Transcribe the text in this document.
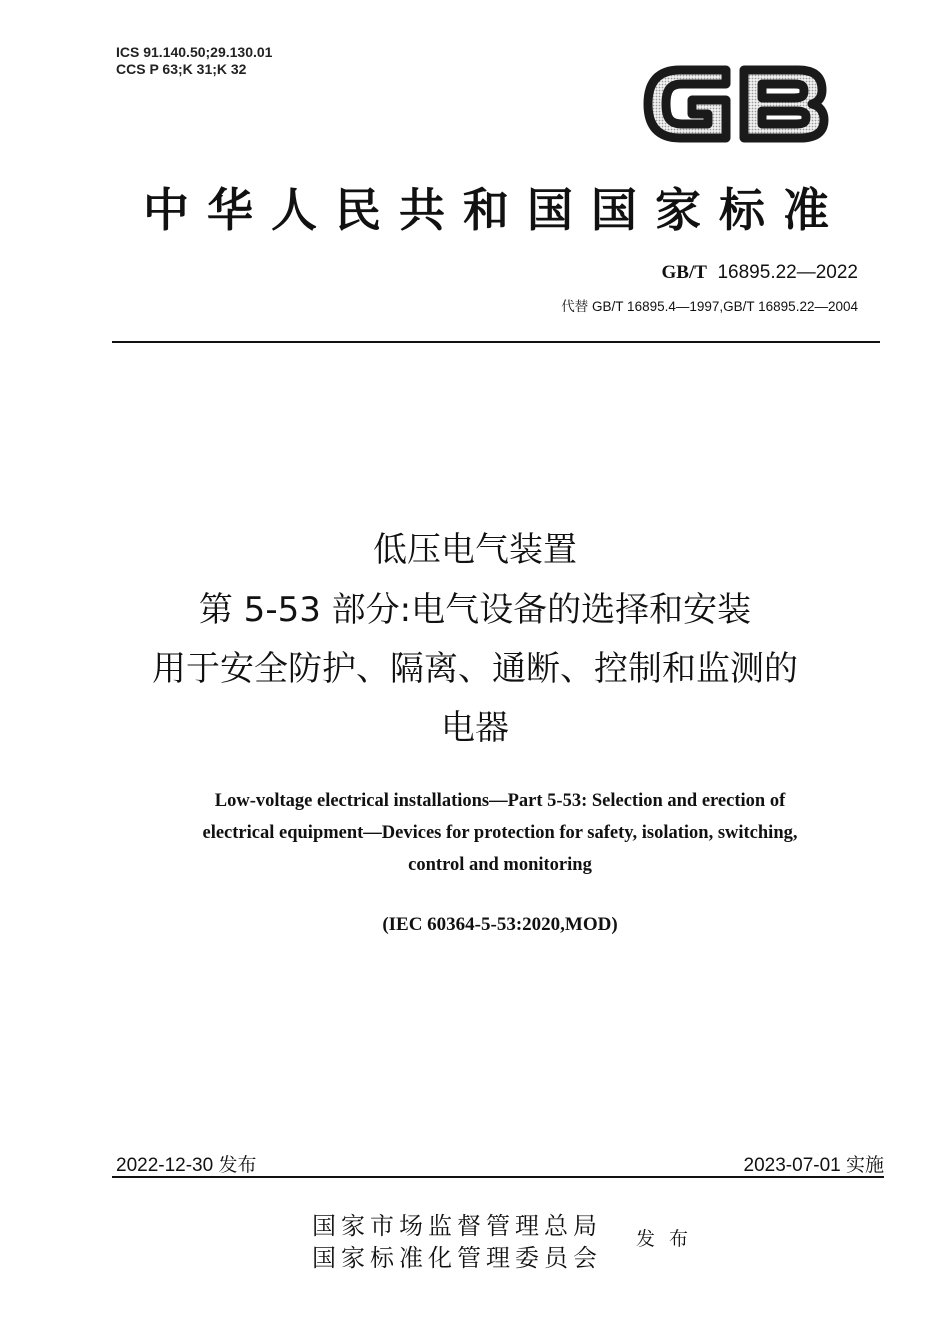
ICS 91.140.50;29.130.01
CCS P 63;K 31;K 32
中华人民共和国国家标准
GB/T 16895.22—2022
代替 GB/T 16895.4—1997,GB/T 16895.22—2004
低压电气装置
第 5-53 部分:电气设备的选择和安装
用于安全防护、隔离、通断、控制和监测的
电器
Low-voltage electrical installations—Part 5-53: Selection and erection of
electrical equipment—Devices for protection for safety, isolation, switching,
control and monitoring
(IEC 60364-5-53:2020,MOD)
2022-12-30 发布	2023-07-01 实施
国家市场监督管理总局
国家标准化管理委员会
发布
